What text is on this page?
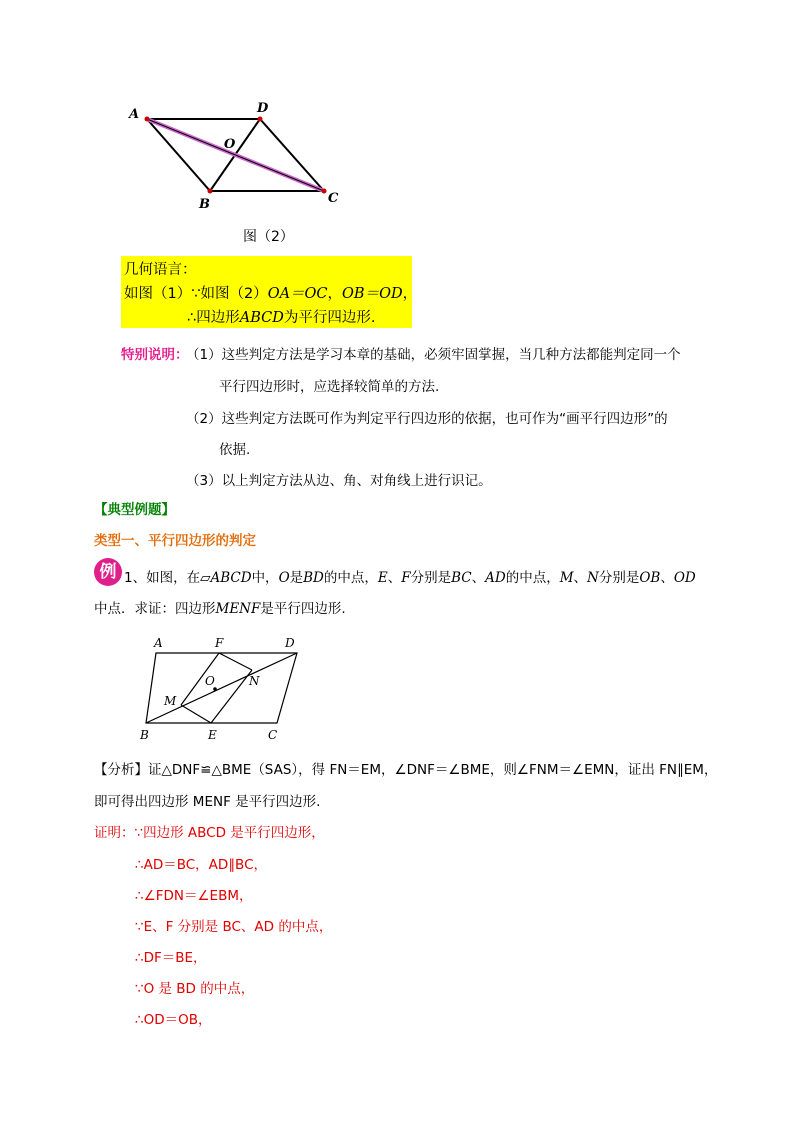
A	D
O
B	C
图（2）
几何语言：
如图（1）∵如图（2）OA＝OC，OB＝OD，
∴四边形ABCD为平行四边形.
特别说明：
（1）这些判定方法是学习本章的基础，必须牢固掌握，当几种方法都能判定同一个
平行四边形时，应选择较简单的方法.
（2）这些判定方法既可作为判定平行四边形的依据，也可作为“画平行四边形”的
依据.
（3）以上判定方法从边、角、对角线上进行识记。
【典型例题】
类型一、平行四边形的判定
例 1、如图，在▱ABCD中，O是BD的中点，E、F分别是BC、AD的中点，M、N分别是OB、OD
中点．求证：四边形MENF是平行四边形.
A	F	D
O	N
M
B	E	C
【分析】证△DNF≌△BME（SAS），得 FN＝EM，∠DNF＝∠BME，则∠FNM＝∠EMN，证出 FN∥EM，
即可得出四边形 MENF 是平行四边形.
证明：∵四边形 ABCD 是平行四边形，
∴AD＝BC，AD∥BC，
∴∠FDN＝∠EBM，
∵E、F 分别是 BC、AD 的中点，
∴DF＝BE，
∵O 是 BD 的中点，
∴OD＝OB，
